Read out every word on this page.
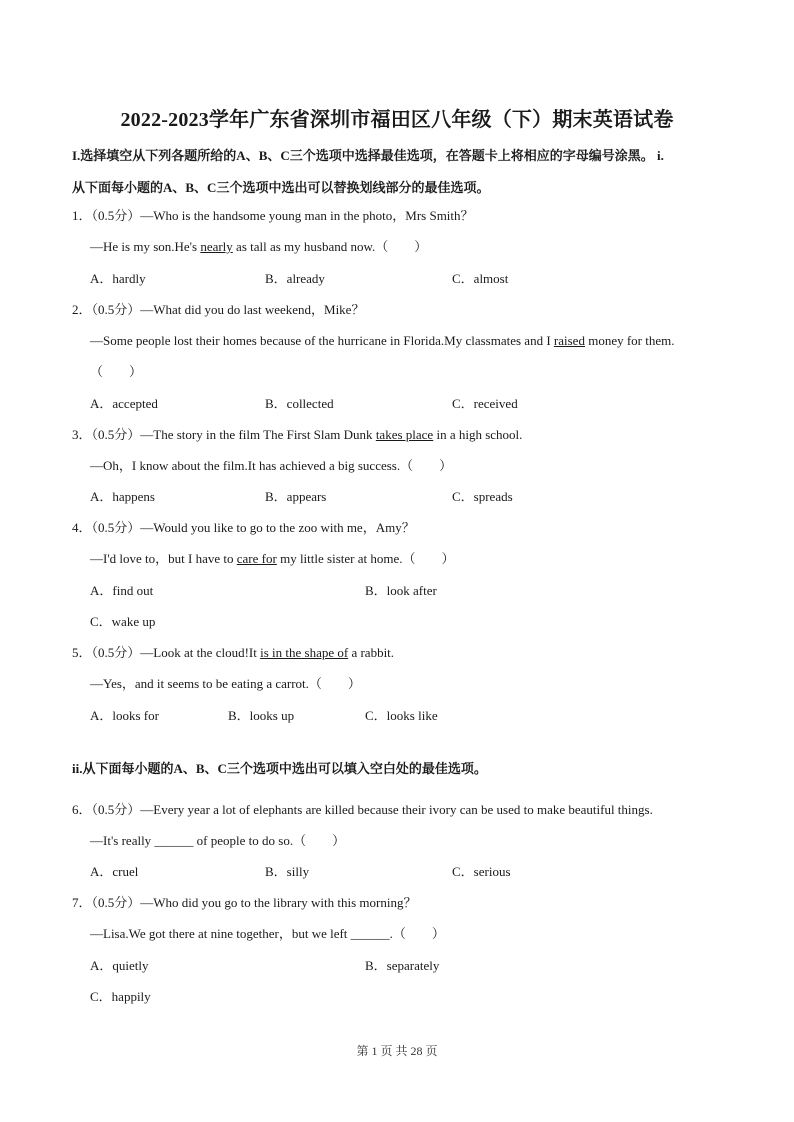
2022-2023学年广东省深圳市福田区八年级（下）期末英语试卷
I.选择填空从下列各题所给的A、B、C三个选项中选择最佳选项，在答题卡上将相应的字母编号涂黑。 i.
从下面每小题的A、B、C三个选项中选出可以替换划线部分的最佳选项。
1．（0.5分）—Who is the handsome young man in the photo，Mrs Smith？
—He is my son.He's nearly as tall as my husband now.（　　）
A．hardly	B．already	C．almost
2．（0.5分）—What did you do last weekend，Mike？
—Some people lost their homes because of the hurricane in Florida.My classmates and I raised money for them.
（　　）
A．accepted	B．collected	C．received
3．（0.5分）—The story in the film The First Slam Dunk takes place in a high school.
—Oh，I know about the film.It has achieved a big success.（　　）
A．happens	B．appears	C．spreads
4．（0.5分）—Would you like to go to the zoo with me，Amy？
—I'd love to，but I have to care for my little sister at home.（　　）
A．find out	B．look after
C．wake up
5．（0.5分）—Look at the cloud!It is in the shape of a rabbit.
—Yes，and it seems to be eating a carrot.（　　）
A．looks for	B．looks up	C．looks like
ii.从下面每小题的A、B、C三个选项中选出可以填入空白处的最佳选项。
6．（0.5分）—Every year a lot of elephants are killed because their ivory can be used to make beautiful things.
—It's really ______ of people to do so.（　　）
A．cruel	B．silly	C．serious
7．（0.5分）—Who did you go to the library with this morning？
—Lisa.We got there at nine together，but we left ______.（　　）
A．quietly	B．separately
C．happily
第 1 页 共 28 页
